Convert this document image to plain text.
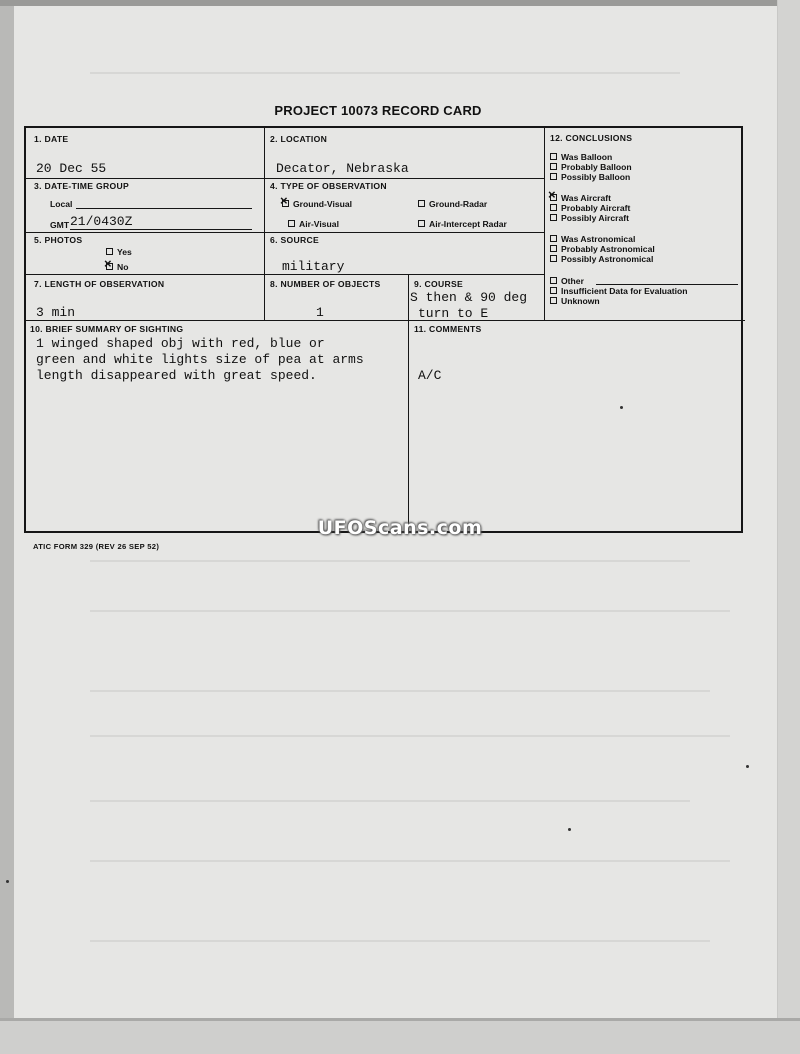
PROJECT 10073 RECORD CARD
1. DATE
20 Dec 55
2. LOCATION
Decator, Nebraska
3. DATE-TIME GROUP
Local
GMT 21/0430Z
4. TYPE OF OBSERVATION
×Ground-Visual	Ground-Radar
Air-Visual	Air-Intercept Radar
5. PHOTOS
Yes
×No
6. SOURCE
military
7. LENGTH OF OBSERVATION
3 min
8. NUMBER OF OBJECTS
1
9. COURSE
S then & 90 deg
turn to E
10. BRIEF SUMMARY OF SIGHTING
1 winged shaped obj with red, blue or
green and white lights size of pea at arms
length disappeared with great speed.
11. COMMENTS
A/C
12. CONCLUSIONS
Was Balloon
Probably Balloon
Possibly Balloon
×Was Aircraft
Probably Aircraft
Possibly Aircraft
Was Astronomical
Probably Astronomical
Possibly Astronomical
Other
Insufficient Data for Evaluation
Unknown
ATIC FORM 329 (REV 26 SEP 52)
UFOScans.com
